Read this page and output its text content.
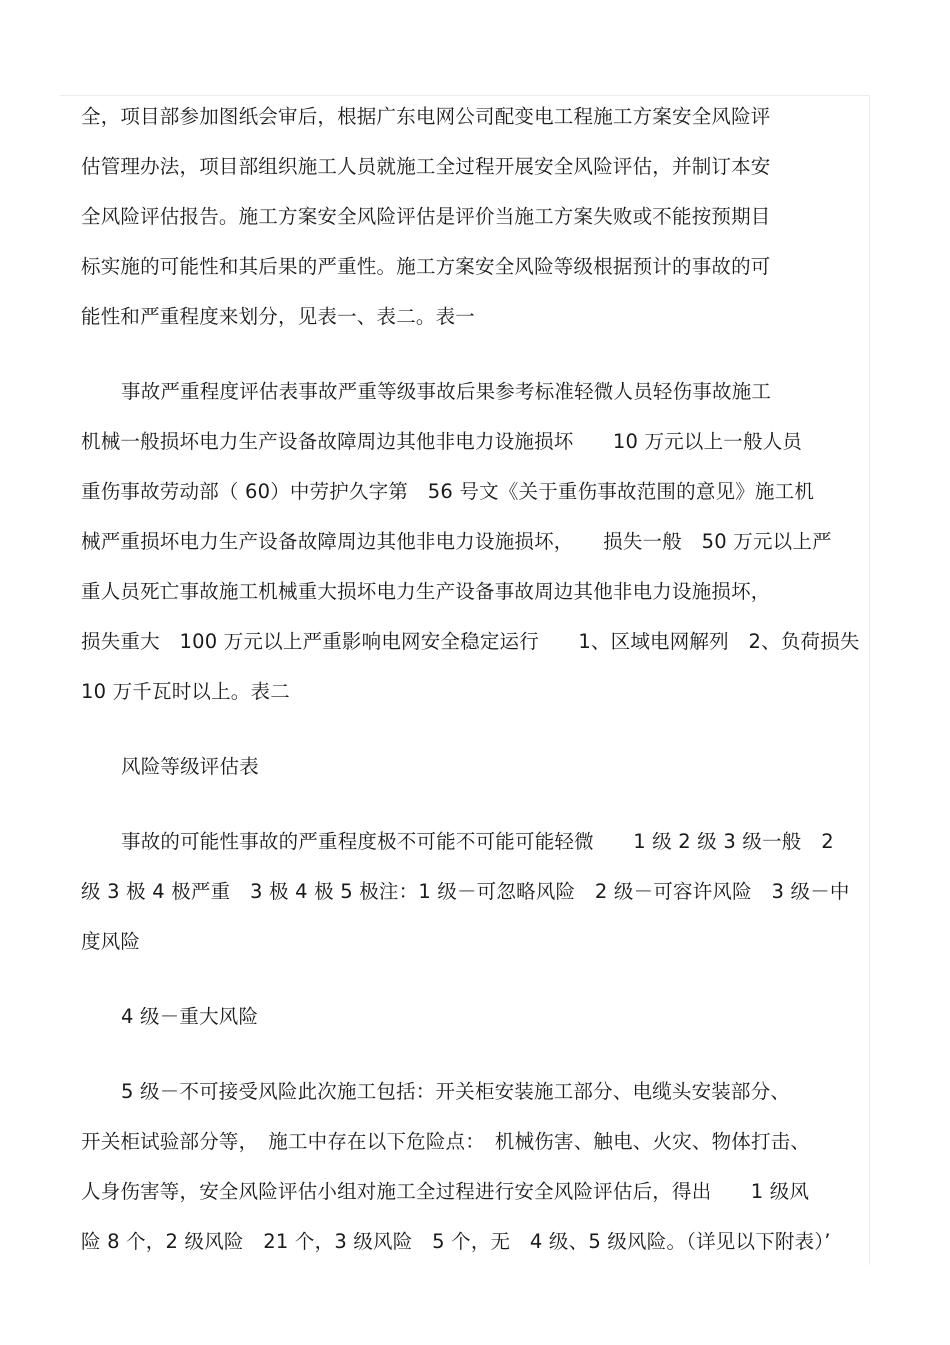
全，项目部参加图纸会审后，根据广东电网公司配变电工程施工方案安全风险评
估管理办法，项目部组织施工人员就施工全过程开展安全风险评估，并制订本安
全风险评估报告。施工方案安全风险评估是评价当施工方案失败或不能按预期目
标实施的可能性和其后果的严重性。施工方案安全风险等级根据预计的事故的可
能性和严重程度来划分，见表一、表二。表一
事故严重程度评估表事故严重等级事故后果参考标准轻微人员轻伤事故施工
机械一般损坏电力生产设备故障周边其他非电力设施损坏　　10 万元以上一般人员
重伤事故劳动部（ 60）中劳护久字第　56 号文《关于重伤事故范围的意见》施工机
械严重损坏电力生产设备故障周边其他非电力设施损坏，　　损失一般　50 万元以上严
重人员死亡事故施工机械重大损坏电力生产设备事故周边其他非电力设施损坏，
损失重大　100 万元以上严重影响电网安全稳定运行　　1、区域电网解列　2、负荷损失
10 万千瓦时以上。表二
风险等级评估表
事故的可能性事故的严重程度极不可能不可能可能轻微　　1 级 2 级 3 级一般　2
级 3 极 4 极严重　3 极 4 极 5 极注：1 级－可忽略风险　2 级－可容许风险　3 级－中
度风险
4 级－重大风险
5 级－不可接受风险此次施工包括：开关柜安装施工部分、电缆头安装部分、
开关柜试验部分等，　施工中存在以下危险点：　机械伤害、触电、火灾、物体打击、
人身伤害等，安全风险评估小组对施工全过程进行安全风险评估后，得出　　1 级风
险 8 个，2 级风险　21 个，3 级风险　5 个，无　4 级、5 级风险。（详见以下附表）’
